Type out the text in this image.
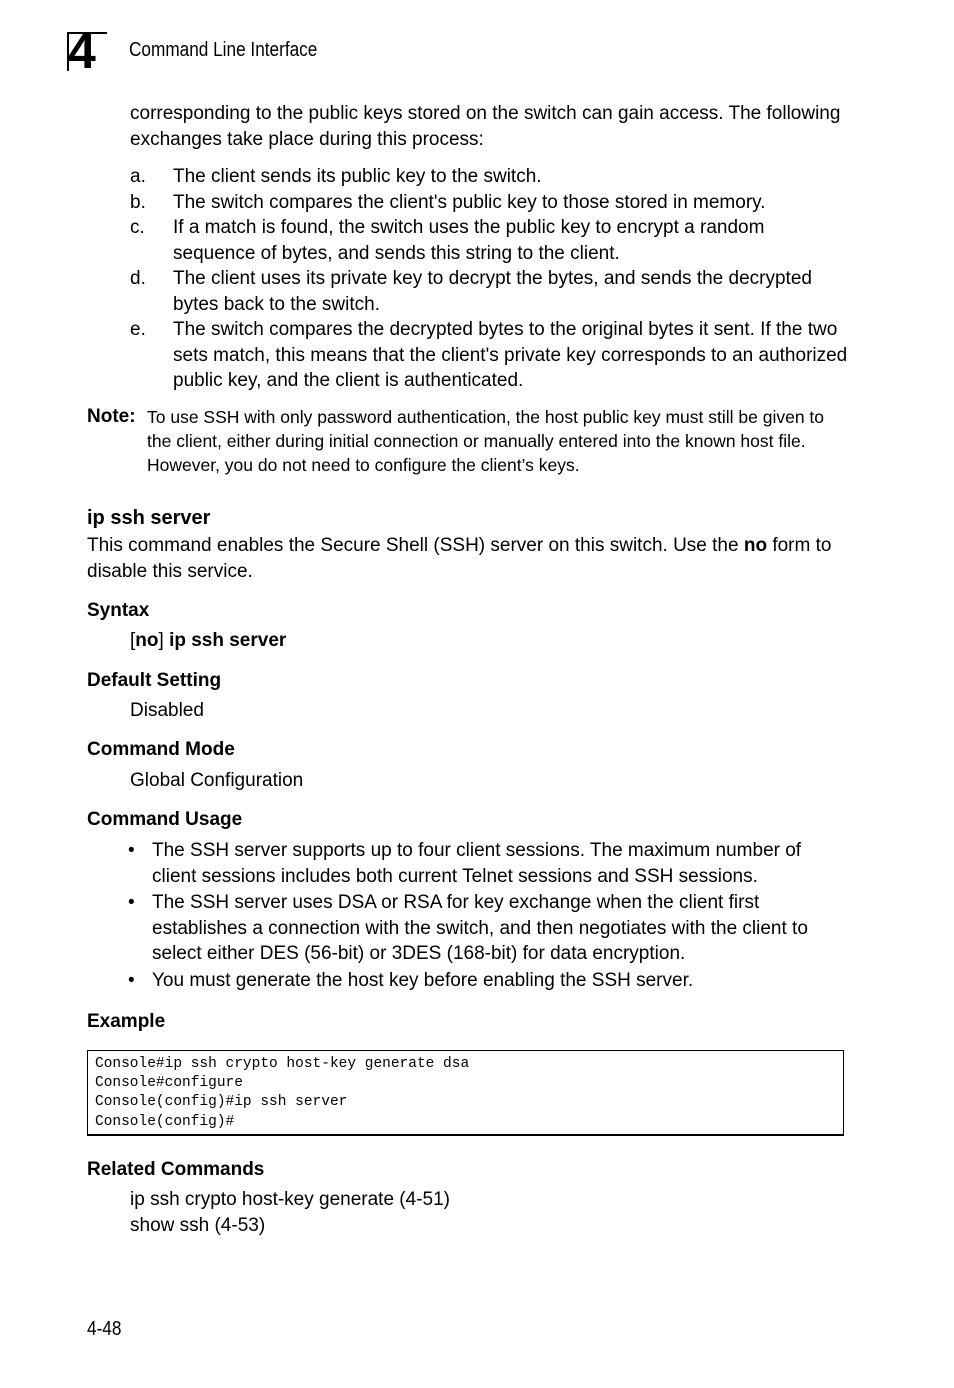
4 Command Line Interface
corresponding to the public keys stored on the switch can gain access. The following exchanges take place during this process:
a.	The client sends its public key to the switch.
b.	The switch compares the client's public key to those stored in memory.
c.	If a match is found, the switch uses the public key to encrypt a random sequence of bytes, and sends this string to the client.
d.	The client uses its private key to decrypt the bytes, and sends the decrypted bytes back to the switch.
e.	The switch compares the decrypted bytes to the original bytes it sent. If the two sets match, this means that the client's private key corresponds to an authorized public key, and the client is authenticated.
Note: To use SSH with only password authentication, the host public key must still be given to the client, either during initial connection or manually entered into the known host file. However, you do not need to configure the client’s keys.
ip ssh server
This command enables the Secure Shell (SSH) server on this switch. Use the no form to disable this service.
Syntax
[no] ip ssh server
Default Setting
Disabled
Command Mode
Global Configuration
Command Usage
• The SSH server supports up to four client sessions. The maximum number of client sessions includes both current Telnet sessions and SSH sessions.
• The SSH server uses DSA or RSA for key exchange when the client first establishes a connection with the switch, and then negotiates with the client to select either DES (56-bit) or 3DES (168-bit) for data encryption.
• You must generate the host key before enabling the SSH server.
Example
Console#ip ssh crypto host-key generate dsa
Console#configure
Console(config)#ip ssh server
Console(config)#
Related Commands
ip ssh crypto host-key generate (4-51)
show ssh (4-53)
4-48
